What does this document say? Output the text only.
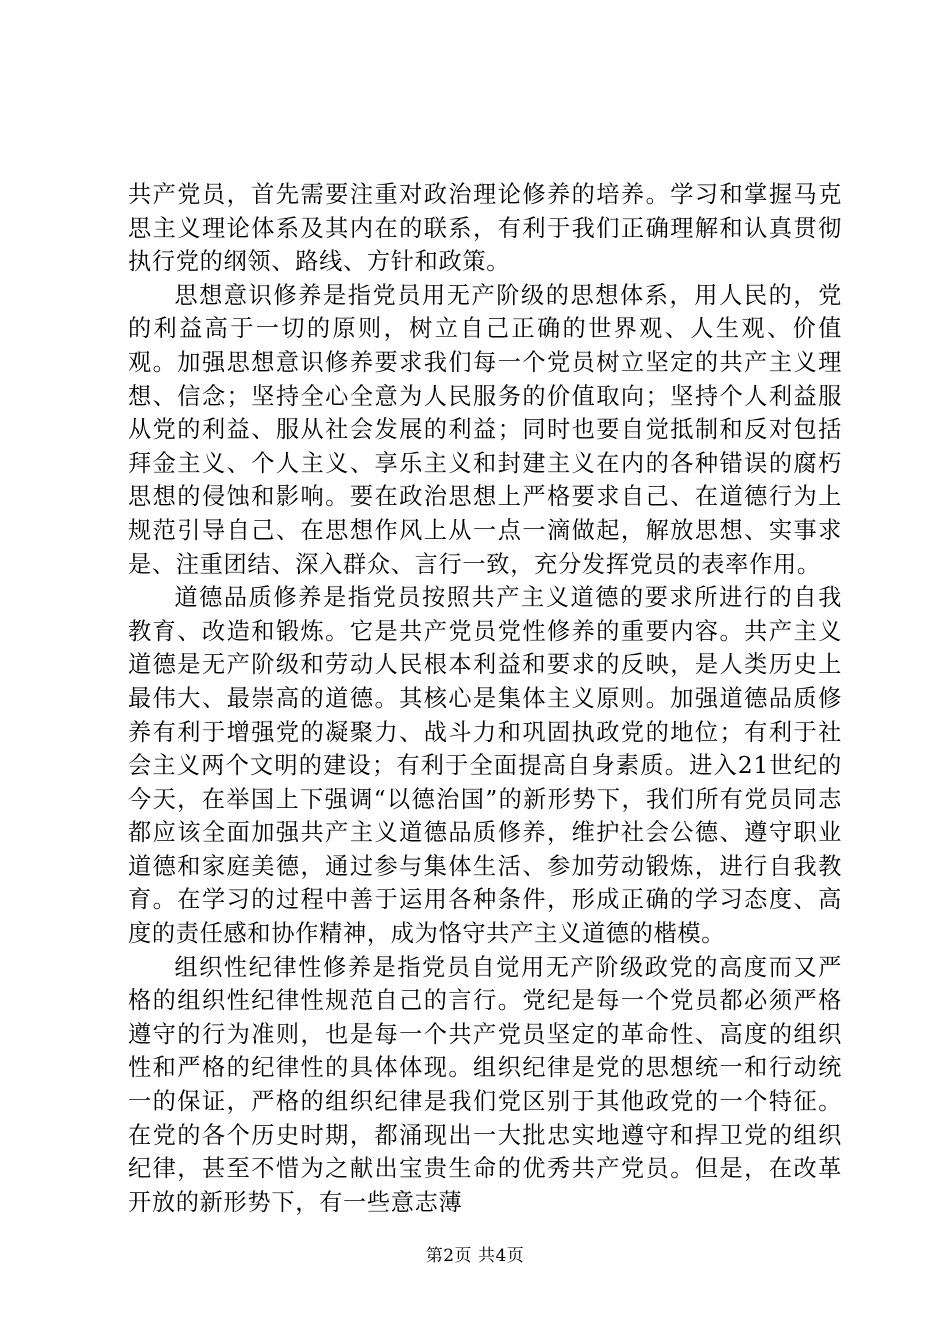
共产党员，首先需要注重对政治理论修养的培养。学习和掌握马克思主义理论体系及其内在的联系，有利于我们正确理解和认真贯彻执行党的纲领、路线、方针和政策。

思想意识修养是指党员用无产阶级的思想体系，用人民的，党的利益高于一切的原则，树立自己正确的世界观、人生观、价值观。加强思想意识修养要求我们每一个党员树立坚定的共产主义理想、信念；坚持全心全意为人民服务的价值取向；坚持个人利益服从党的利益、服从社会发展的利益；同时也要自觉抵制和反对包括拜金主义、个人主义、享乐主义和封建主义在内的各种错误的腐朽思想的侵蚀和影响。要在政治思想上严格要求自己、在道德行为上规范引导自己、在思想作风上从一点一滴做起，解放思想、实事求是、注重团结、深入群众、言行一致，充分发挥党员的表率作用。

道德品质修养是指党员按照共产主义道德的要求所进行的自我教育、改造和锻炼。它是共产党员党性修养的重要内容。共产主义道德是无产阶级和劳动人民根本利益和要求的反映，是人类历史上最伟大、最崇高的道德。其核心是集体主义原则。加强道德品质修养有利于增强党的凝聚力、战斗力和巩固执政党的地位；有利于社会主义两个文明的建设；有利于全面提高自身素质。进入21世纪的今天，在举国上下强调“以德治国”的新形势下，我们所有党员同志都应该全面加强共产主义道德品质修养，维护社会公德、遵守职业道德和家庭美德，通过参与集体生活、参加劳动锻炼，进行自我教育。在学习的过程中善于运用各种条件，形成正确的学习态度、高度的责任感和协作精神，成为恪守共产主义道德的楷模。

组织性纪律性修养是指党员自觉用无产阶级政党的高度而又严格的组织性纪律性规范自己的言行。党纪是每一个党员都必须严格遵守的行为准则，也是每一个共产党员坚定的革命性、高度的组织性和严格的纪律性的具体体现。组织纪律是党的思想统一和行动统一的保证，严格的组织纪律是我们党区别于其他政党的一个特征。在党的各个历史时期，都涌现出一大批忠实地遵守和捍卫党的组织纪律，甚至不惜为之献出宝贵生命的优秀共产党员。但是，在改革开放的新形势下，有一些意志薄

第2页 共4页
